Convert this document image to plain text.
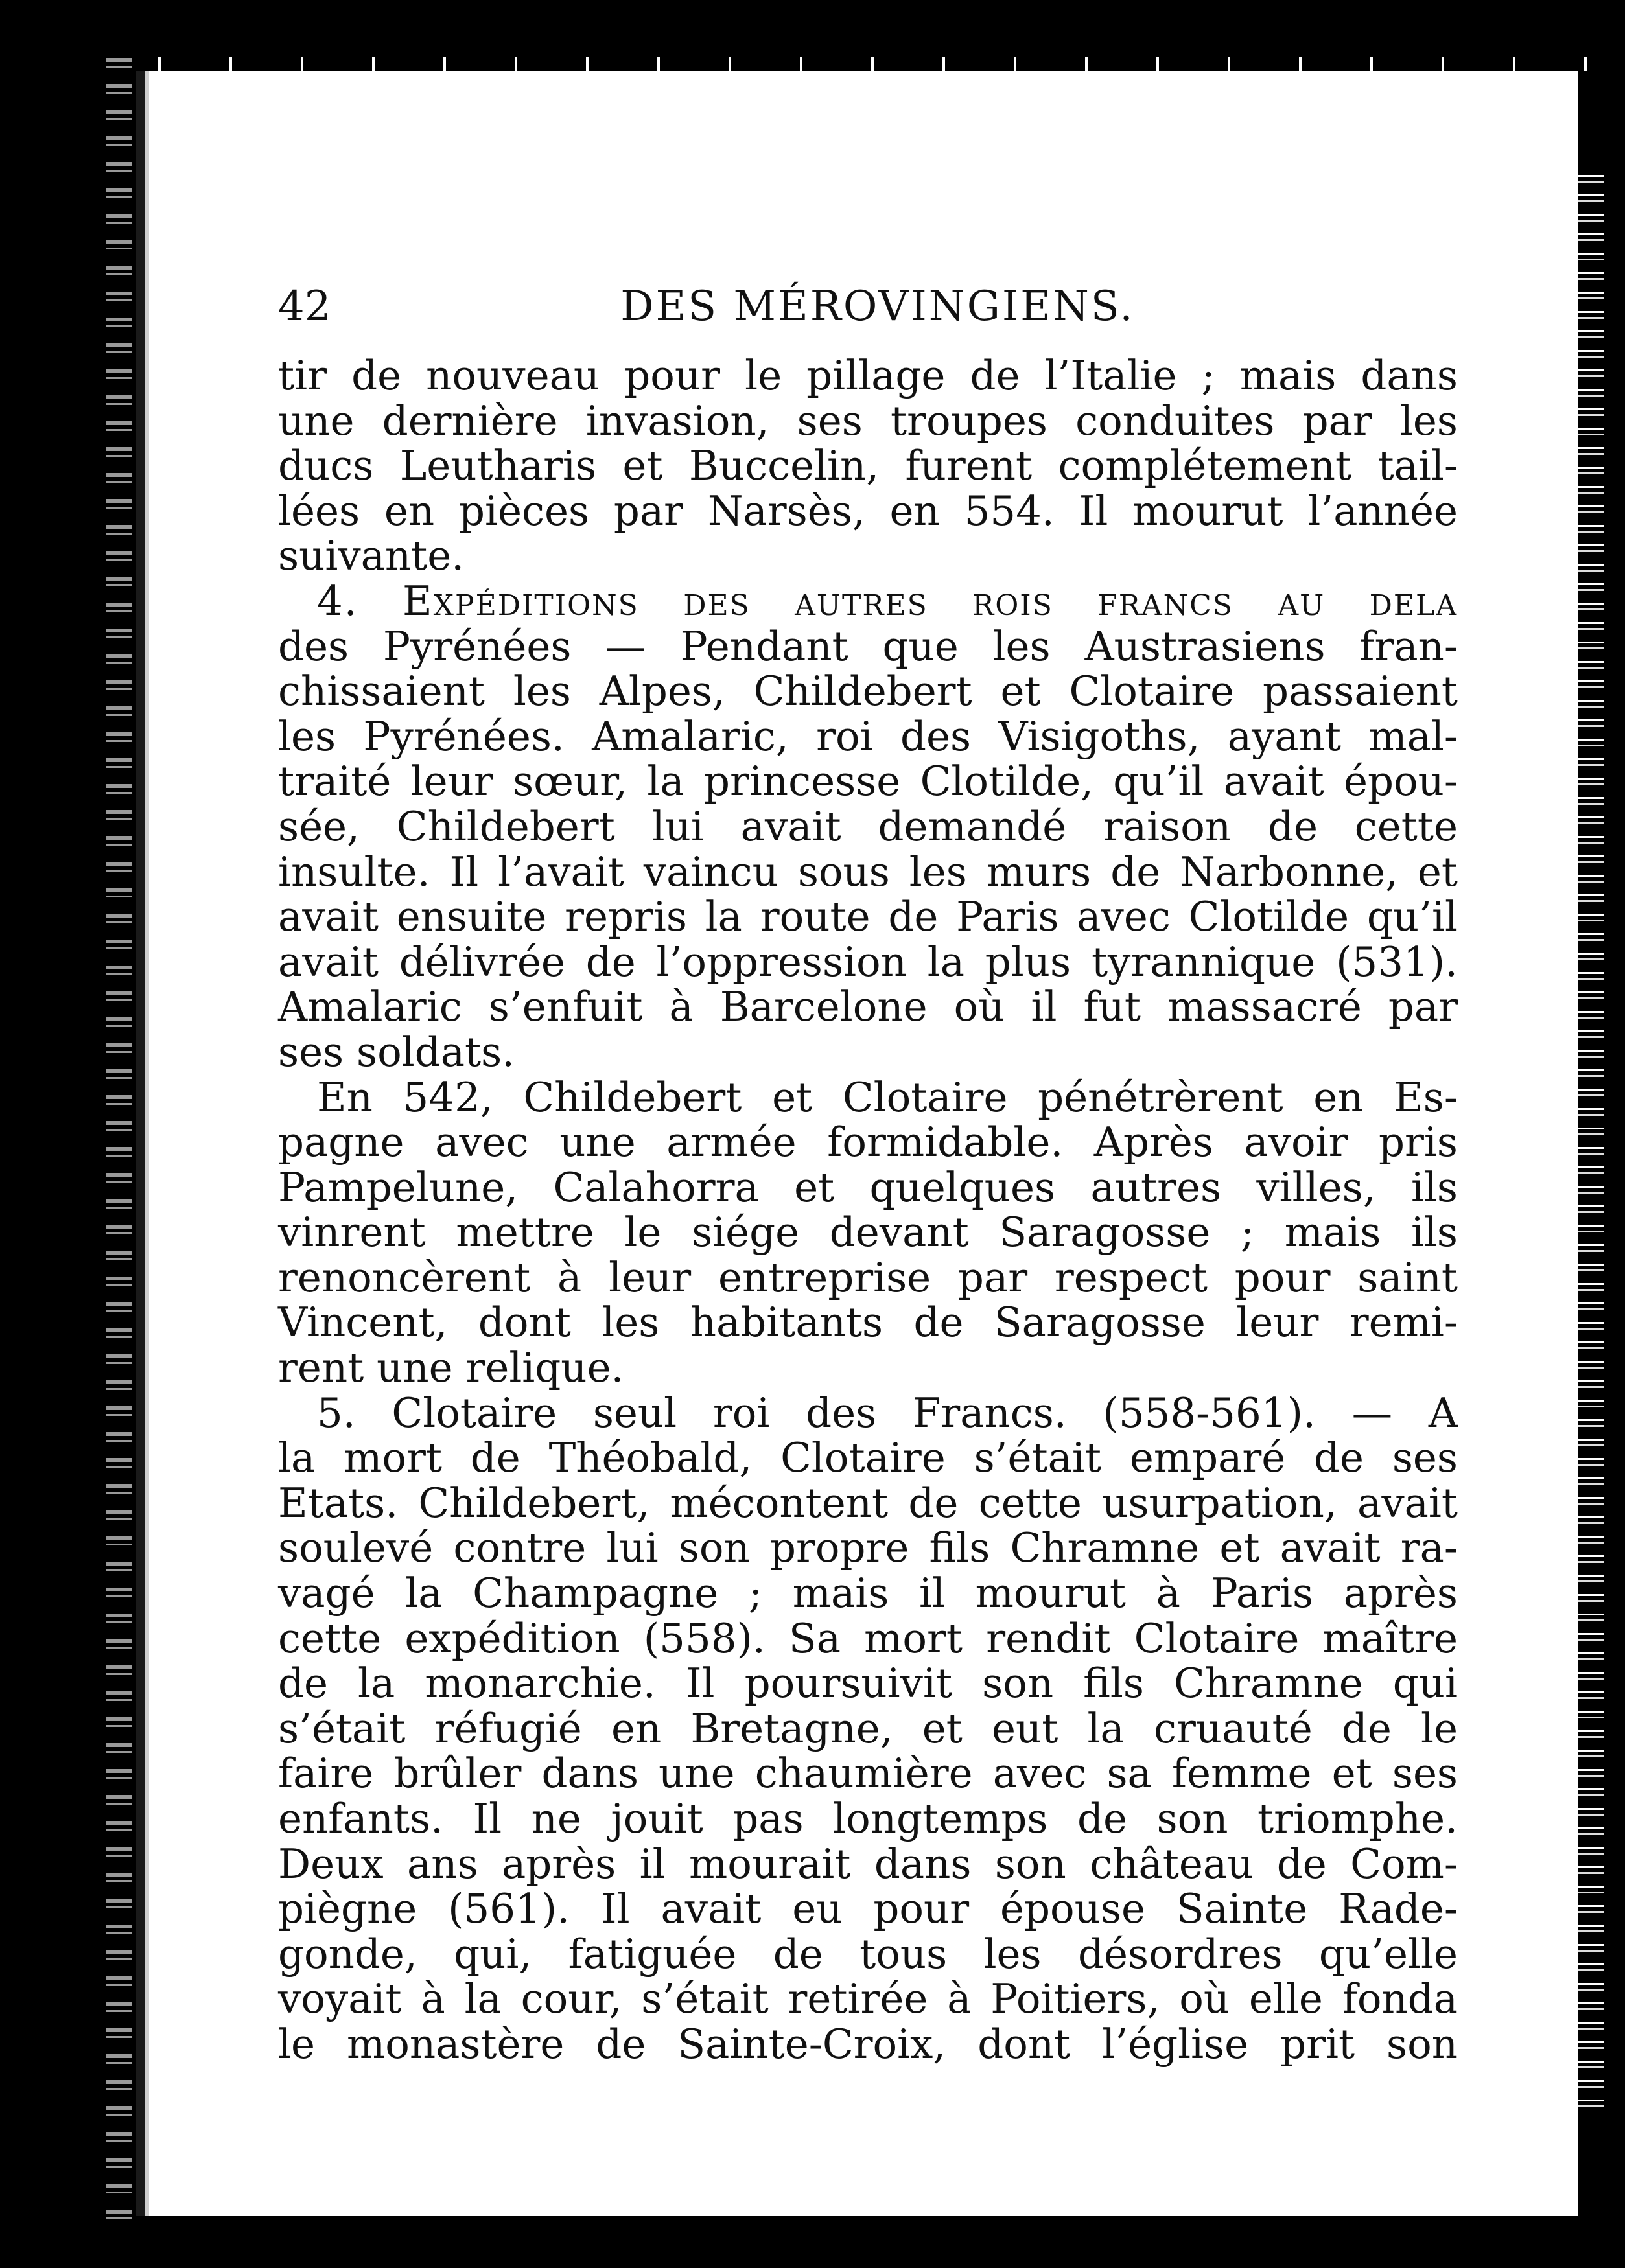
42	DES MÉROVINGIENS.
tir de nouveau pour le pillage de l’Italie ; mais dans
une dernière invasion, ses troupes conduites par les
ducs Leutharis et Buccelin, furent complétement tail-
lées en pièces par Narsès, en 554. Il mourut l’année
suivante.
4. Expéditions des autres rois francs au dela
des Pyrénées — Pendant que les Austrasiens fran-
chissaient les Alpes, Childebert et Clotaire passaient
les Pyrénées. Amalaric, roi des Visigoths, ayant mal-
traité leur sœur, la princesse Clotilde, qu’il avait épou-
sée, Childebert lui avait demandé raison de cette
insulte. Il l’avait vaincu sous les murs de Narbonne, et
avait ensuite repris la route de Paris avec Clotilde qu’il
avait délivrée de l’oppression la plus tyrannique (531).
Amalaric s’enfuit à Barcelone où il fut massacré par
ses soldats.
En 542, Childebert et Clotaire pénétrèrent en Es-
pagne avec une armée formidable. Après avoir pris
Pampelune, Calahorra et quelques autres villes, ils
vinrent mettre le siége devant Saragosse ; mais ils
renoncèrent à leur entreprise par respect pour saint
Vincent, dont les habitants de Saragosse leur remi-
rent une relique.
5. Clotaire seul roi des Francs. (558-561). — A
la mort de Théobald, Clotaire s’était emparé de ses
Etats. Childebert, mécontent de cette usurpation, avait
soulevé contre lui son propre fils Chramne et avait ra-
vagé la Champagne ; mais il mourut à Paris après
cette expédition (558). Sa mort rendit Clotaire maître
de la monarchie. Il poursuivit son fils Chramne qui
s’était réfugié en Bretagne, et eut la cruauté de le
faire brûler dans une chaumière avec sa femme et ses
enfants. Il ne jouit pas longtemps de son triomphe.
Deux ans après il mourait dans son château de Com-
piègne (561). Il avait eu pour épouse Sainte Rade-
gonde, qui, fatiguée de tous les désordres qu’elle
voyait à la cour, s’était retirée à Poitiers, où elle fonda
le monastère de Sainte-Croix, dont l’église prit son
